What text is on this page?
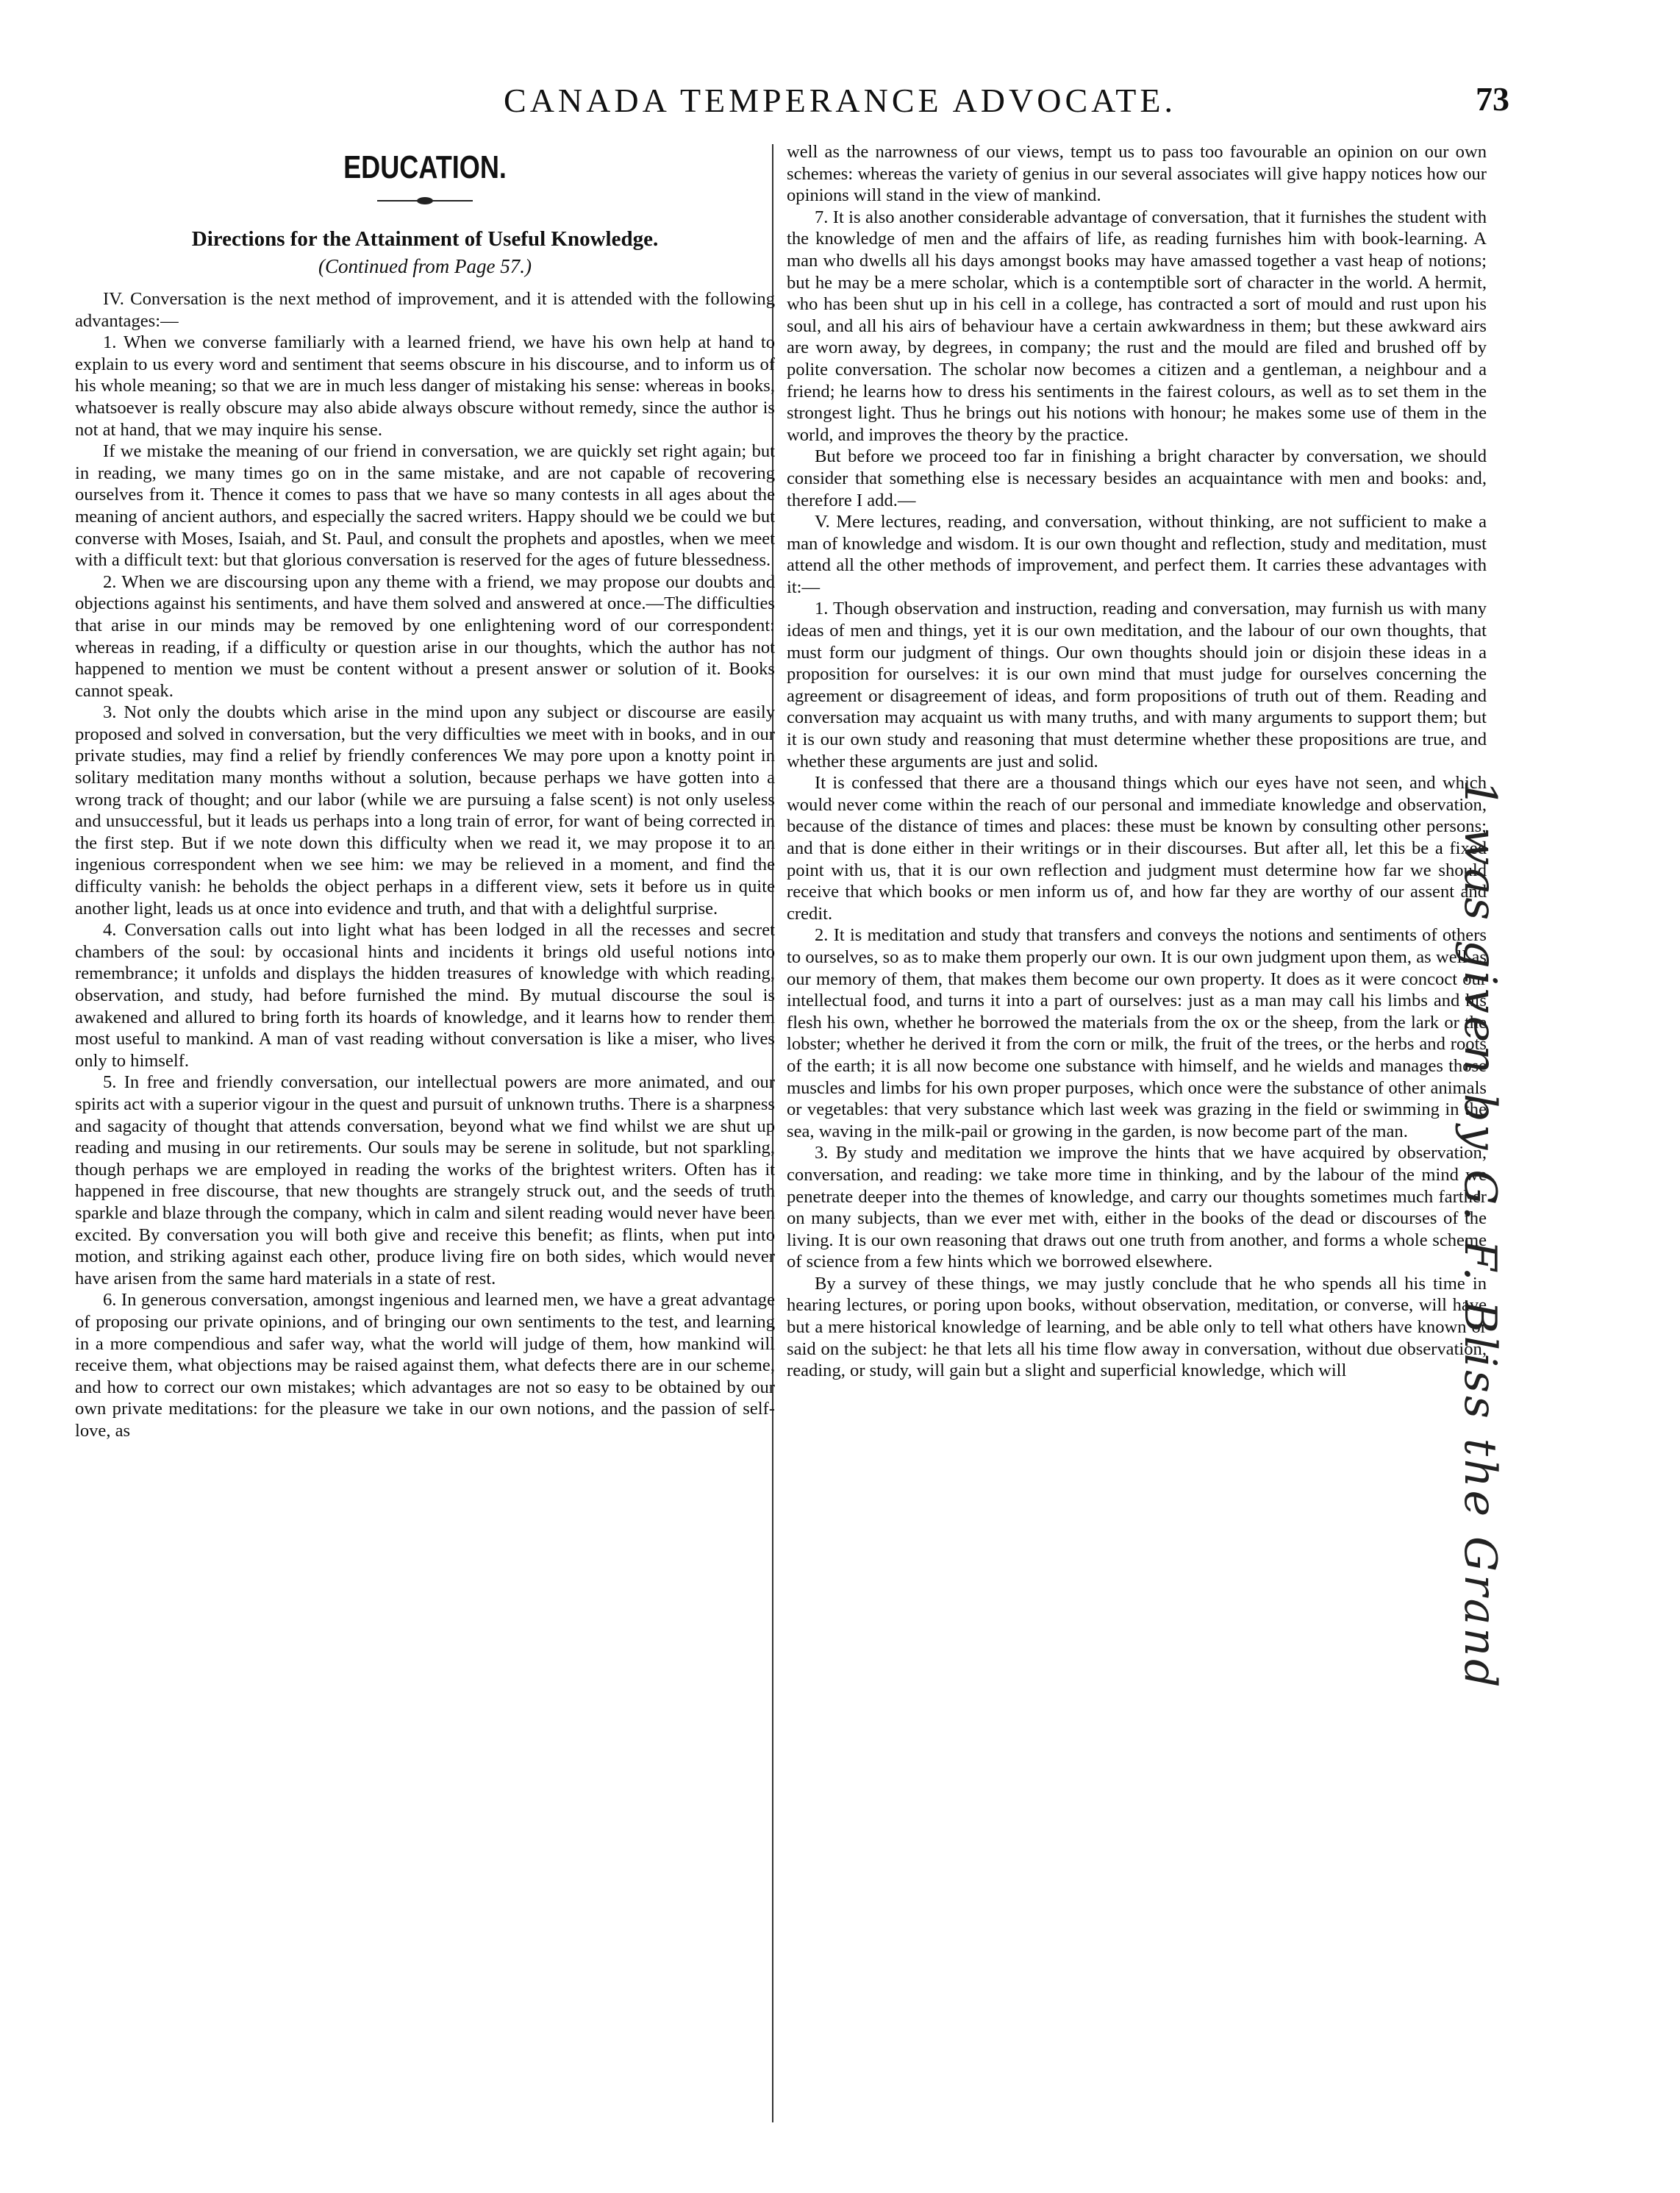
CANADA TEMPERANCE ADVOCATE.	73

EDUCATION.

Directions for the Attainment of Useful Knowledge.

(Continued from Page 57.)

IV. Conversation is the next method of improvement, and it is attended with the following advantages:—

1. When we converse familiarly with a learned friend, we have his own help at hand to explain to us every word and sentiment that seems obscure in his discourse, and to inform us of his whole meaning; so that we are in much less danger of mistaking his sense: whereas in books, whatsoever is really obscure may also abide always obscure without remedy, since the author is not at hand, that we may inquire his sense.

If we mistake the meaning of our friend in conversation, we are quickly set right again; but in reading, we many times go on in the same mistake, and are not capable of recovering ourselves from it. Thence it comes to pass that we have so many contests in all ages about the meaning of ancient authors, and especially the sacred writers. Happy should we be could we but converse with Moses, Isaiah, and St. Paul, and consult the prophets and apostles, when we meet with a difficult text: but that glorious conversation is reserved for the ages of future blessedness.

2. When we are discoursing upon any theme with a friend, we may propose our doubts and objections against his sentiments, and have them solved and answered at once.—The difficulties that arise in our minds may be removed by one enlightening word of our correspondent: whereas in reading, if a difficulty or question arise in our thoughts, which the author has not happened to mention we must be content without a present answer or solution of it. Books cannot speak.

3. Not only the doubts which arise in the mind upon any subject or discourse are easily proposed and solved in conversation, but the very difficulties we meet with in books, and in our private studies, may find a relief by friendly conferences We may pore upon a knotty point in solitary meditation many months without a solution, because perhaps we have gotten into a wrong track of thought; and our labor (while we are pursuing a false scent) is not only useless and unsuccessful, but it leads us perhaps into a long train of error, for want of being corrected in the first step. But if we note down this difficulty when we read it, we may propose it to an ingenious correspondent when we see him: we may be relieved in a moment, and find the difficulty vanish: he beholds the object perhaps in a different view, sets it before us in quite another light, leads us at once into evidence and truth, and that with a delightful surprise.

4. Conversation calls out into light what has been lodged in all the recesses and secret chambers of the soul: by occasional hints and incidents it brings old useful notions into remembrance; it unfolds and displays the hidden treasures of knowledge with which reading, observation, and study, had before furnished the mind. By mutual discourse the soul is awakened and allured to bring forth its hoards of knowledge, and it learns how to render them most useful to mankind. A man of vast reading without conversation is like a miser, who lives only to himself.

5. In free and friendly conversation, our intellectual powers are more animated, and our spirits act with a superior vigour in the quest and pursuit of unknown truths. There is a sharpness and sagacity of thought that attends conversation, beyond what we find whilst we are shut up reading and musing in our retirements. Our souls may be serene in solitude, but not sparkling, though perhaps we are employed in reading the works of the brightest writers. Often has it happened in free discourse, that new thoughts are strangely struck out, and the seeds of truth sparkle and blaze through the company, which in calm and silent reading would never have been excited. By conversation you will both give and receive this benefit; as flints, when put into motion, and striking against each other, produce living fire on both sides, which would never have arisen from the same hard materials in a state of rest.

6. In generous conversation, amongst ingenious and learned men, we have a great advantage of proposing our private opinions, and of bringing our own sentiments to the test, and learning in a more compendious and safer way, what the world will judge of them, how mankind will receive them, what objections may be raised against them, what defects there are in our scheme, and how to correct our own mistakes; which advantages are not so easy to be obtained by our own private meditations: for the pleasure we take in our own notions, and the passion of self-love, as

well as the narrowness of our views, tempt us to pass too favourable an opinion on our own schemes: whereas the variety of genius in our several associates will give happy notices how our opinions will stand in the view of mankind.

7. It is also another considerable advantage of conversation, that it furnishes the student with the knowledge of men and the affairs of life, as reading furnishes him with book-learning. A man who dwells all his days amongst books may have amassed together a vast heap of notions; but he may be a mere scholar, which is a contemptible sort of character in the world. A hermit, who has been shut up in his cell in a college, has contracted a sort of mould and rust upon his soul, and all his airs of behaviour have a certain awkwardness in them; but these awkward airs are worn away, by degrees, in company; the rust and the mould are filed and brushed off by polite conversation. The scholar now becomes a citizen and a gentleman, a neighbour and a friend; he learns how to dress his sentiments in the fairest colours, as well as to set them in the strongest light. Thus he brings out his notions with honour; he makes some use of them in the world, and improves the theory by the practice.

But before we proceed too far in finishing a bright character by conversation, we should consider that something else is necessary besides an acquaintance with men and books: and, therefore I add.—

V. Mere lectures, reading, and conversation, without thinking, are not sufficient to make a man of knowledge and wisdom. It is our own thought and reflection, study and meditation, must attend all the other methods of improvement, and perfect them. It carries these advantages with it:—

1. Though observation and instruction, reading and conversation, may furnish us with many ideas of men and things, yet it is our own meditation, and the labour of our own thoughts, that must form our judgment of things. Our own thoughts should join or disjoin these ideas in a proposition for ourselves: it is our own mind that must judge for ourselves concerning the agreement or disagreement of ideas, and form propositions of truth out of them. Reading and conversation may acquaint us with many truths, and with many arguments to support them; but it is our own study and reasoning that must determine whether these propositions are true, and whether these arguments are just and solid.

It is confessed that there are a thousand things which our eyes have not seen, and which would never come within the reach of our personal and immediate knowledge and observation, because of the distance of times and places: these must be known by consulting other persons; and that is done either in their writings or in their discourses. But after all, let this be a fixed point with us, that it is our own reflection and judgment must determine how far we should receive that which books or men inform us of, and how far they are worthy of our assent and credit.

2. It is meditation and study that transfers and conveys the notions and sentiments of others to ourselves, so as to make them properly our own. It is our own judgment upon them, as well as our memory of them, that makes them become our own property. It does as it were concoct our intellectual food, and turns it into a part of ourselves: just as a man may call his limbs and his flesh his own, whether he borrowed the materials from the ox or the sheep, from the lark or the lobster; whether he derived it from the corn or milk, the fruit of the trees, or the herbs and roots of the earth; it is all now become one substance with himself, and he wields and manages those muscles and limbs for his own proper purposes, which once were the substance of other animals or vegetables: that very substance which last week was grazing in the field or swimming in the sea, waving in the milk-pail or growing in the garden, is now become part of the man.

3. By study and meditation we improve the hints that we have acquired by observation, conversation, and reading: we take more time in thinking, and by the labour of the mind we penetrate deeper into the themes of knowledge, and carry our thoughts sometimes much farther on many subjects, than we ever met with, either in the books of the dead or discourses of the living. It is our own reasoning that draws out one truth from another, and forms a whole scheme of science from a few hints which we borrowed elsewhere.

By a survey of these things, we may justly conclude that he who spends all his time in hearing lectures, or poring upon books, without observation, meditation, or converse, will have but a mere historical knowledge of learning, and be able only to tell what others have known or said on the subject: he that lets all his time flow away in conversation, without due observation, reading, or study, will gain but a slight and superficial knowledge, which will	1 was given by G. F. Bliss the Grand
